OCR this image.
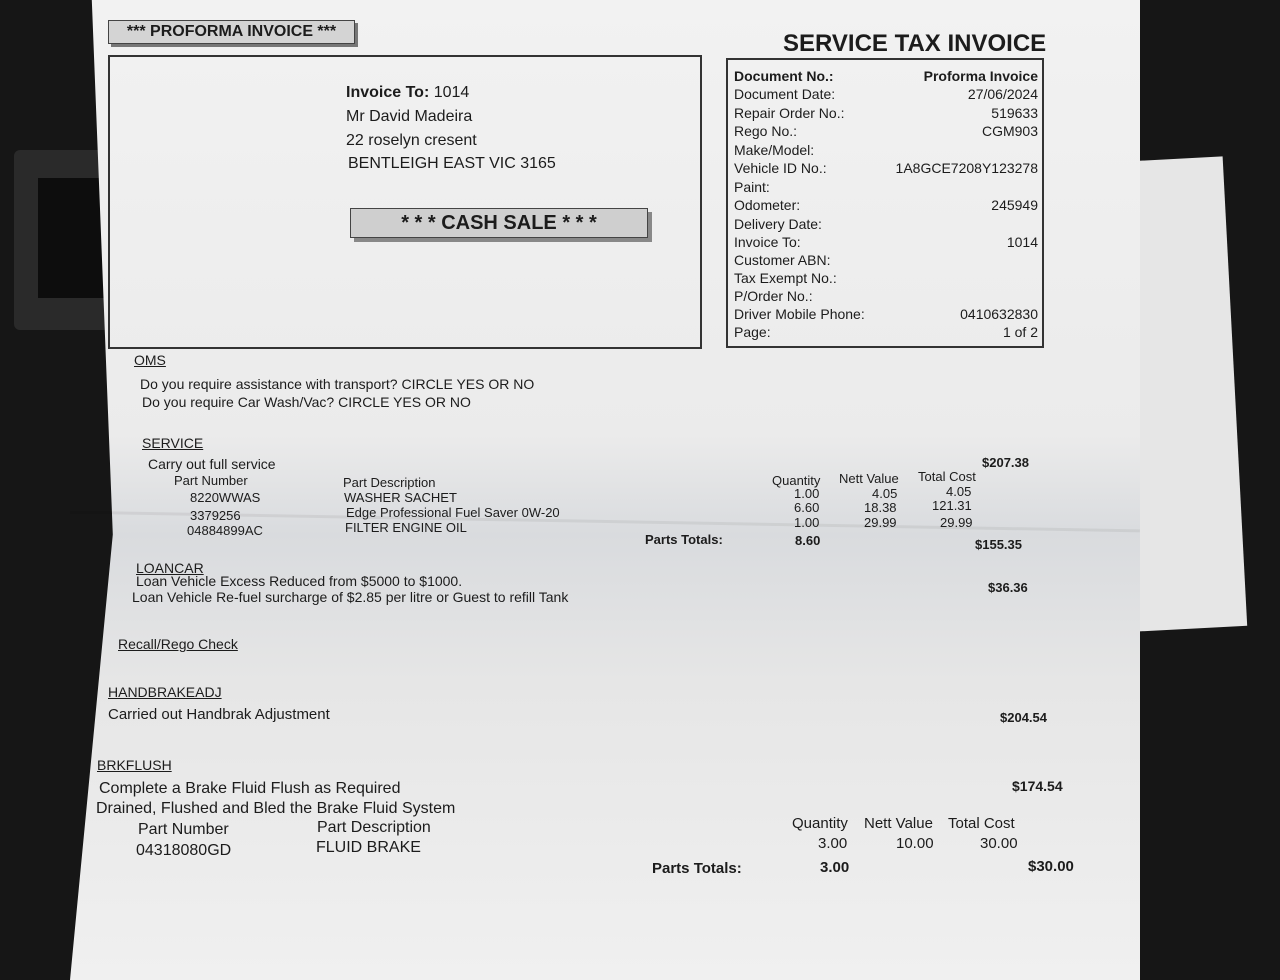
*** PROFORMA INVOICE ***	SERVICE TAX INVOICE
Invoice To: 1014
Mr David Madeira
22 roselyn cresent
BENTLEIGH EAST VIC 3165
* * * CASH SALE * * *
Document No.:	Proforma Invoice
Document Date:	27/06/2024
Repair Order No.:	519633
Rego No.:	CGM903
Make/Model:
Vehicle ID No.:	1A8GCE7208Y123278
Paint:
Odometer:	245949
Delivery Date:
Invoice To:	1014
Customer ABN:
Tax Exempt No.:
P/Order No.:
Driver Mobile Phone:	0410632830
Page:	1 of 2
OMS
Do you require assistance with transport? CIRCLE YES OR NO
Do you require Car Wash/Vac? CIRCLE YES OR NO
SERVICE
Carry out full service	$207.38
Part Number	Part Description	Quantity Nett Value Total Cost
8220WWAS	WASHER SACHET	1.00	4.05	4.05
3379256	Edge Professional Fuel Saver 0W-20	6.60	18.38	121.31
04884899AC	FILTER ENGINE OIL	1.00	29.99	29.99
Parts Totals:	8.60	$155.35
LOANCAR
Loan Vehicle Excess Reduced from $5000 to $1000.
Loan Vehicle Re-fuel surcharge of $2.85 per litre or Guest to refill Tank
$36.36
Recall/Rego Check
HANDBRAKEADJ
Carried out Handbrak Adjustment	$204.54
BRKFLUSH
Complete a Brake Fluid Flush as Required
Drained, Flushed and Bled the Brake Fluid System
$174.54
Part Number	Part Description	Quantity Nett Value Total Cost
04318080GD	FLUID BRAKE	3.00	10.00	30.00
Parts Totals:	3.00	$30.00
